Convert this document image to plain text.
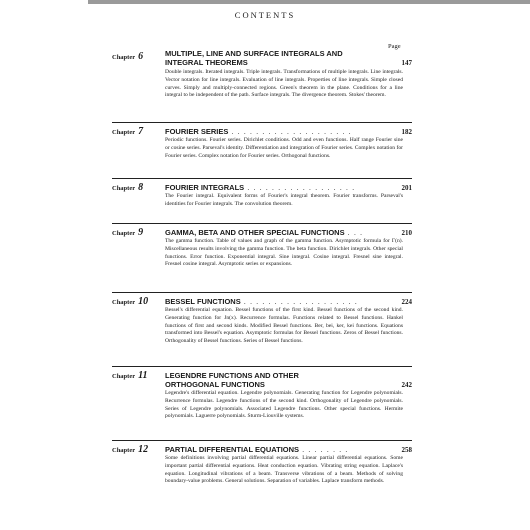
CONTENTS
Page
Chapter 6	MULTIPLE, LINE AND SURFACE INTEGRALS AND INTEGRAL THEOREMS	147
Double integrals. Iterated integrals. Triple integrals. Transformations of multiple integrals. Line integrals. Vector notation for line integrals. Evaluation of line integrals. Properties of line integrals. Simple closed curves. Simply and multiply-connected regions. Green's theorem in the plane. Conditions for a line integral to be independent of the path. Surface integrals. The divergence theorem. Stokes' theorem.
Chapter 7	FOURIER SERIES . . . . . . . . . . . . . . . . . . . .	182
Periodic functions. Fourier series. Dirichlet conditions. Odd and even functions. Half range Fourier sine or cosine series. Parseval's identity. Differentiation and integration of Fourier series. Complex notation for Fourier series. Complex notation for Fourier series. Orthogonal functions.
Chapter 8	FOURIER INTEGRALS . . . . . . . . . . . . . . . . . .	201
The Fourier integral. Equivalent forms of Fourier's integral theorem. Fourier transforms. Parseval's identities for Fourier integrals. The convolution theorem.
Chapter 9	GAMMA, BETA AND OTHER SPECIAL FUNCTIONS . . .	210
The gamma function. Table of values and graph of the gamma function. Asymptotic formula for Γ(n). Miscellaneous results involving the gamma function. The beta function. Dirichlet integrals. Other special functions. Error function. Exponential integral. Sine integral. Cosine integral. Fresnel sine integral. Fresnel cosine integral. Asymptotic series or expansions.
Chapter 10 BESSEL FUNCTIONS . . . . . . . . . . . . . . . . . . .	224
Bessel's differential equation. Bessel functions of the first kind. Bessel functions of the second kind. Generating function for Jn(x). Recurrence formulas. Functions related to Bessel functions. Hankel functions of first and second kinds. Modified Bessel functions. Ber, bei, ker, kei functions. Equations transformed into Bessel's equation. Asymptotic formulas for Bessel functions. Zeros of Bessel functions. Orthogonality of Bessel functions. Series of Bessel functions.
Chapter 11 LEGENDRE FUNCTIONS AND OTHER ORTHOGONAL FUNCTIONS	242
Legendre's differential equation. Legendre polynomials. Generating function for Legendre polynomials. Recurrence formulas. Legendre functions of the second kind. Orthogonality of Legendre polynomials. Series of Legendre polynomials. Associated Legendre functions. Other special functions. Hermite polynomials. Laguerre polynomials. Sturm-Liouville systems.
Chapter 12 PARTIAL DIFFERENTIAL EQUATIONS . . . . . . . .	258
Some definitions involving partial differential equations. Linear partial differential equations. Some important partial differential equations. Heat conduction equation. Vibrating string equation. Laplace's equation. Longitudinal vibrations of a beam. Transverse vibrations of a beam. Methods of solving boundary-value problems. General solutions. Separation of variables. Laplace transform methods.
